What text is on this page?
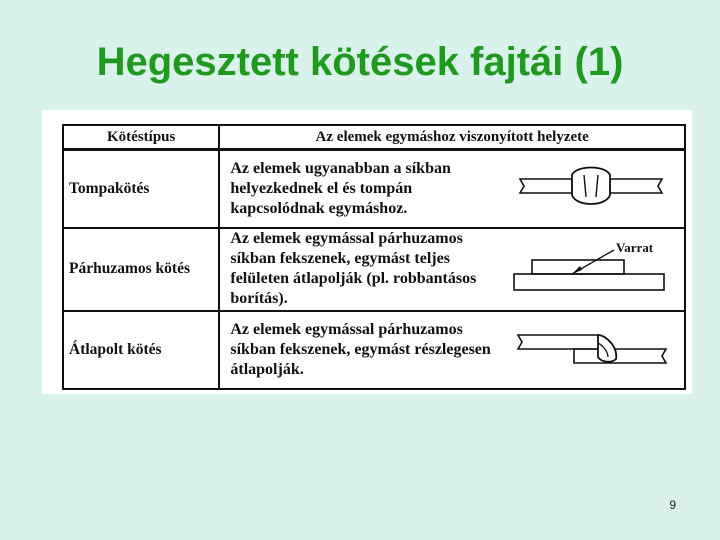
Hegesztett kötések fajtái (1)
Kötéstípus	Az elemek egymáshoz viszonyított helyzete	
Tompakötés	Az elemek ugyanabban a síkban helyezkednek el és tompán kapcsolódnak egymáshoz.	
Párhuzamos kötés	Az elemek egymással párhuzamos síkban fekszenek, egymást teljes felületen átlapolják (pl. robbantásos borítás).	Varrat

Átlapolt kötés	Az elemek egymással párhuzamos síkban fekszenek, egymást részlegesen átlapolják.	
9
